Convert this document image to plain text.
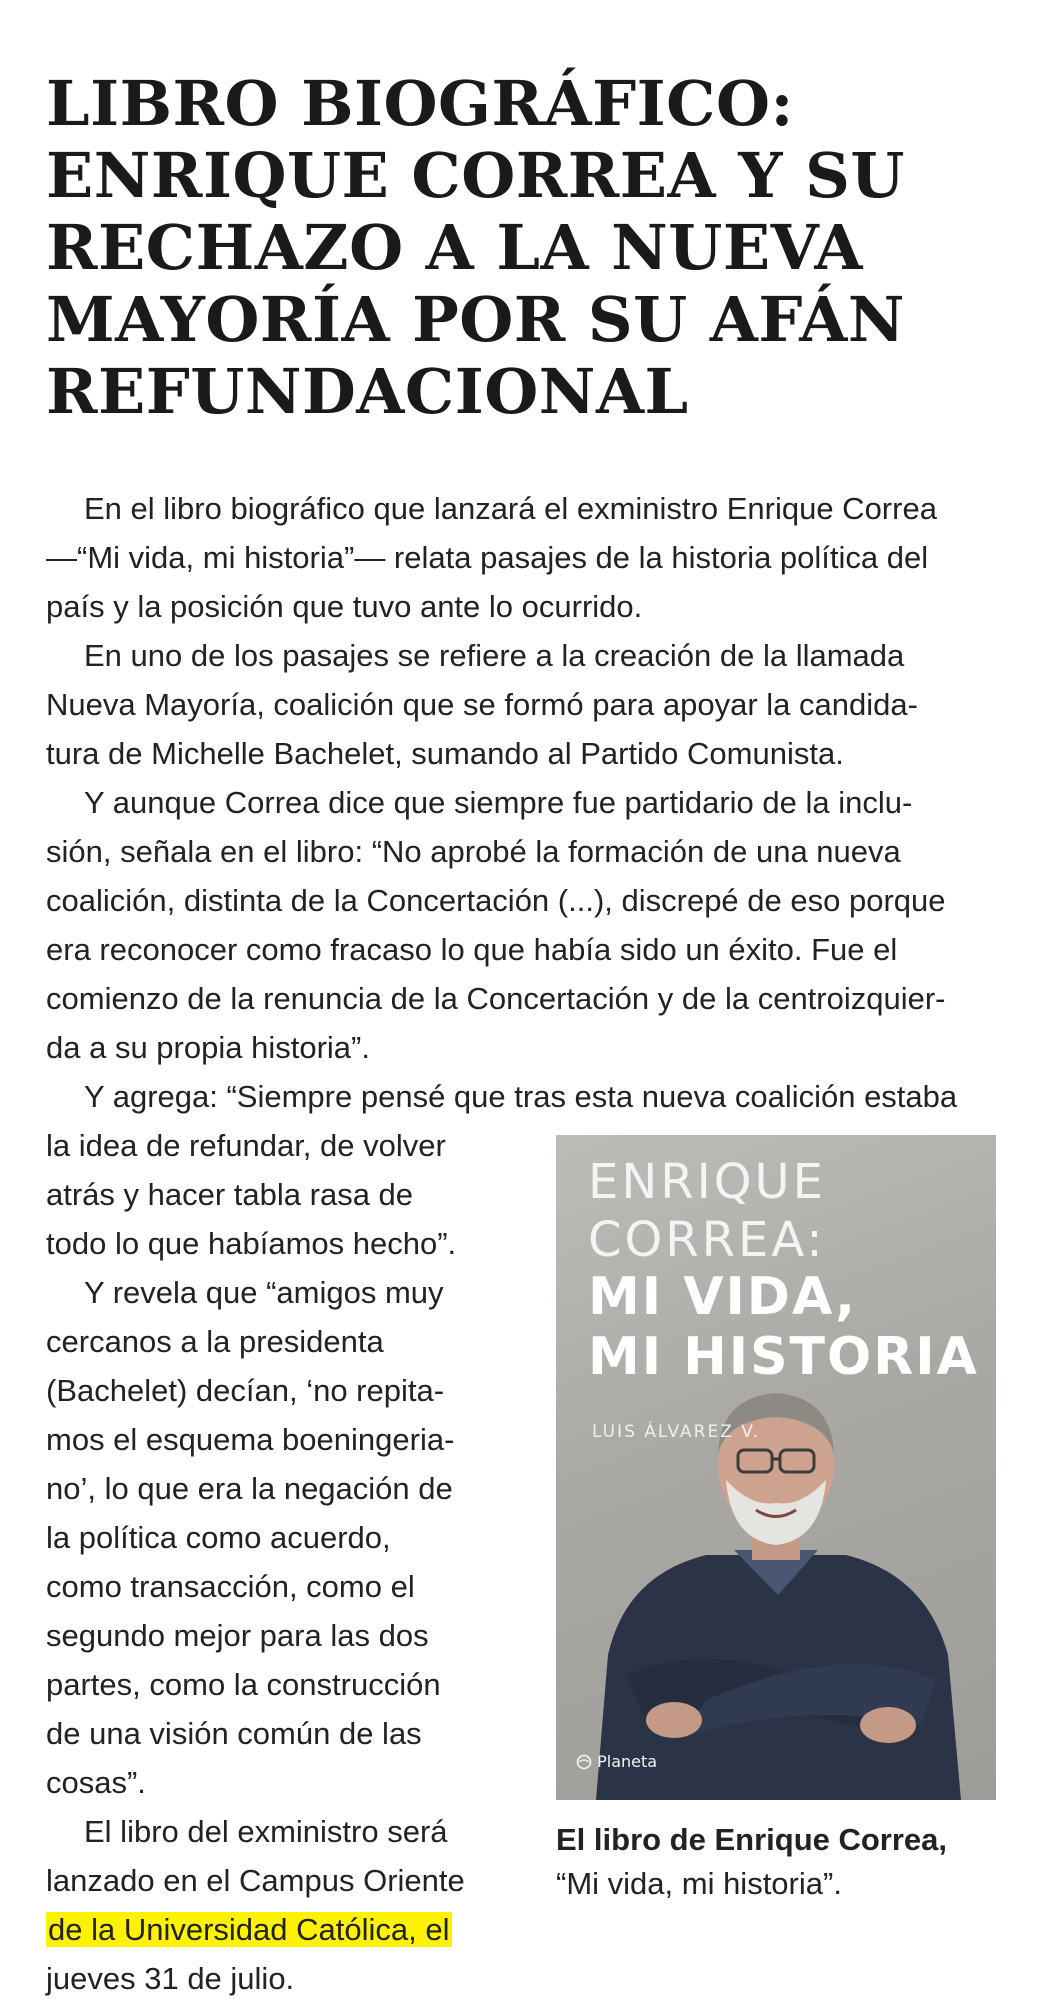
LIBRO BIOGRÁFICO:
ENRIQUE CORREA Y SU
RECHAZO A LA NUEVA
MAYORÍA POR SU AFÁN
REFUNDACIONAL

En el libro biográfico que lanzará el exministro Enrique Correa
—“Mi vida, mi historia”— relata pasajes de la historia política del
país y la posición que tuvo ante lo ocurrido.

En uno de los pasajes se refiere a la creación de la llamada
Nueva Mayoría, coalición que se formó para apoyar la candida-
tura de Michelle Bachelet, sumando al Partido Comunista.

Y aunque Correa dice que siempre fue partidario de la inclu-
sión, señala en el libro: “No aprobé la formación de una nueva
coalición, distinta de la Concertación (...), discrepé de eso porque
era reconocer como fracaso lo que había sido un éxito. Fue el
comienzo de la renuncia de la Concertación y de la centroizquier-
da a su propia historia”.

Y agrega: “Siempre pensé que tras esta nueva coalición estaba
la idea de refundar, de volver
atrás y hacer tabla rasa de
todo lo que habíamos hecho”.

Y revela que “amigos muy
cercanos a la presidenta
(Bachelet) decían, ‘no repita-
mos el esquema boeningeria-
no’, lo que era la negación de
la política como acuerdo,
como transacción, como el
segundo mejor para las dos
partes, como la construcción
de una visión común de las
cosas”.

El libro del exministro será
lanzado en el Campus Oriente
de la Universidad Católica, el
jueves 31 de julio.

ENRIQUE
CORREA:
MI VIDA,
MI HISTORIA
LUIS ÁLVAREZ V.
Planeta
El libro de Enrique Correa,
“Mi vida, mi historia”.
